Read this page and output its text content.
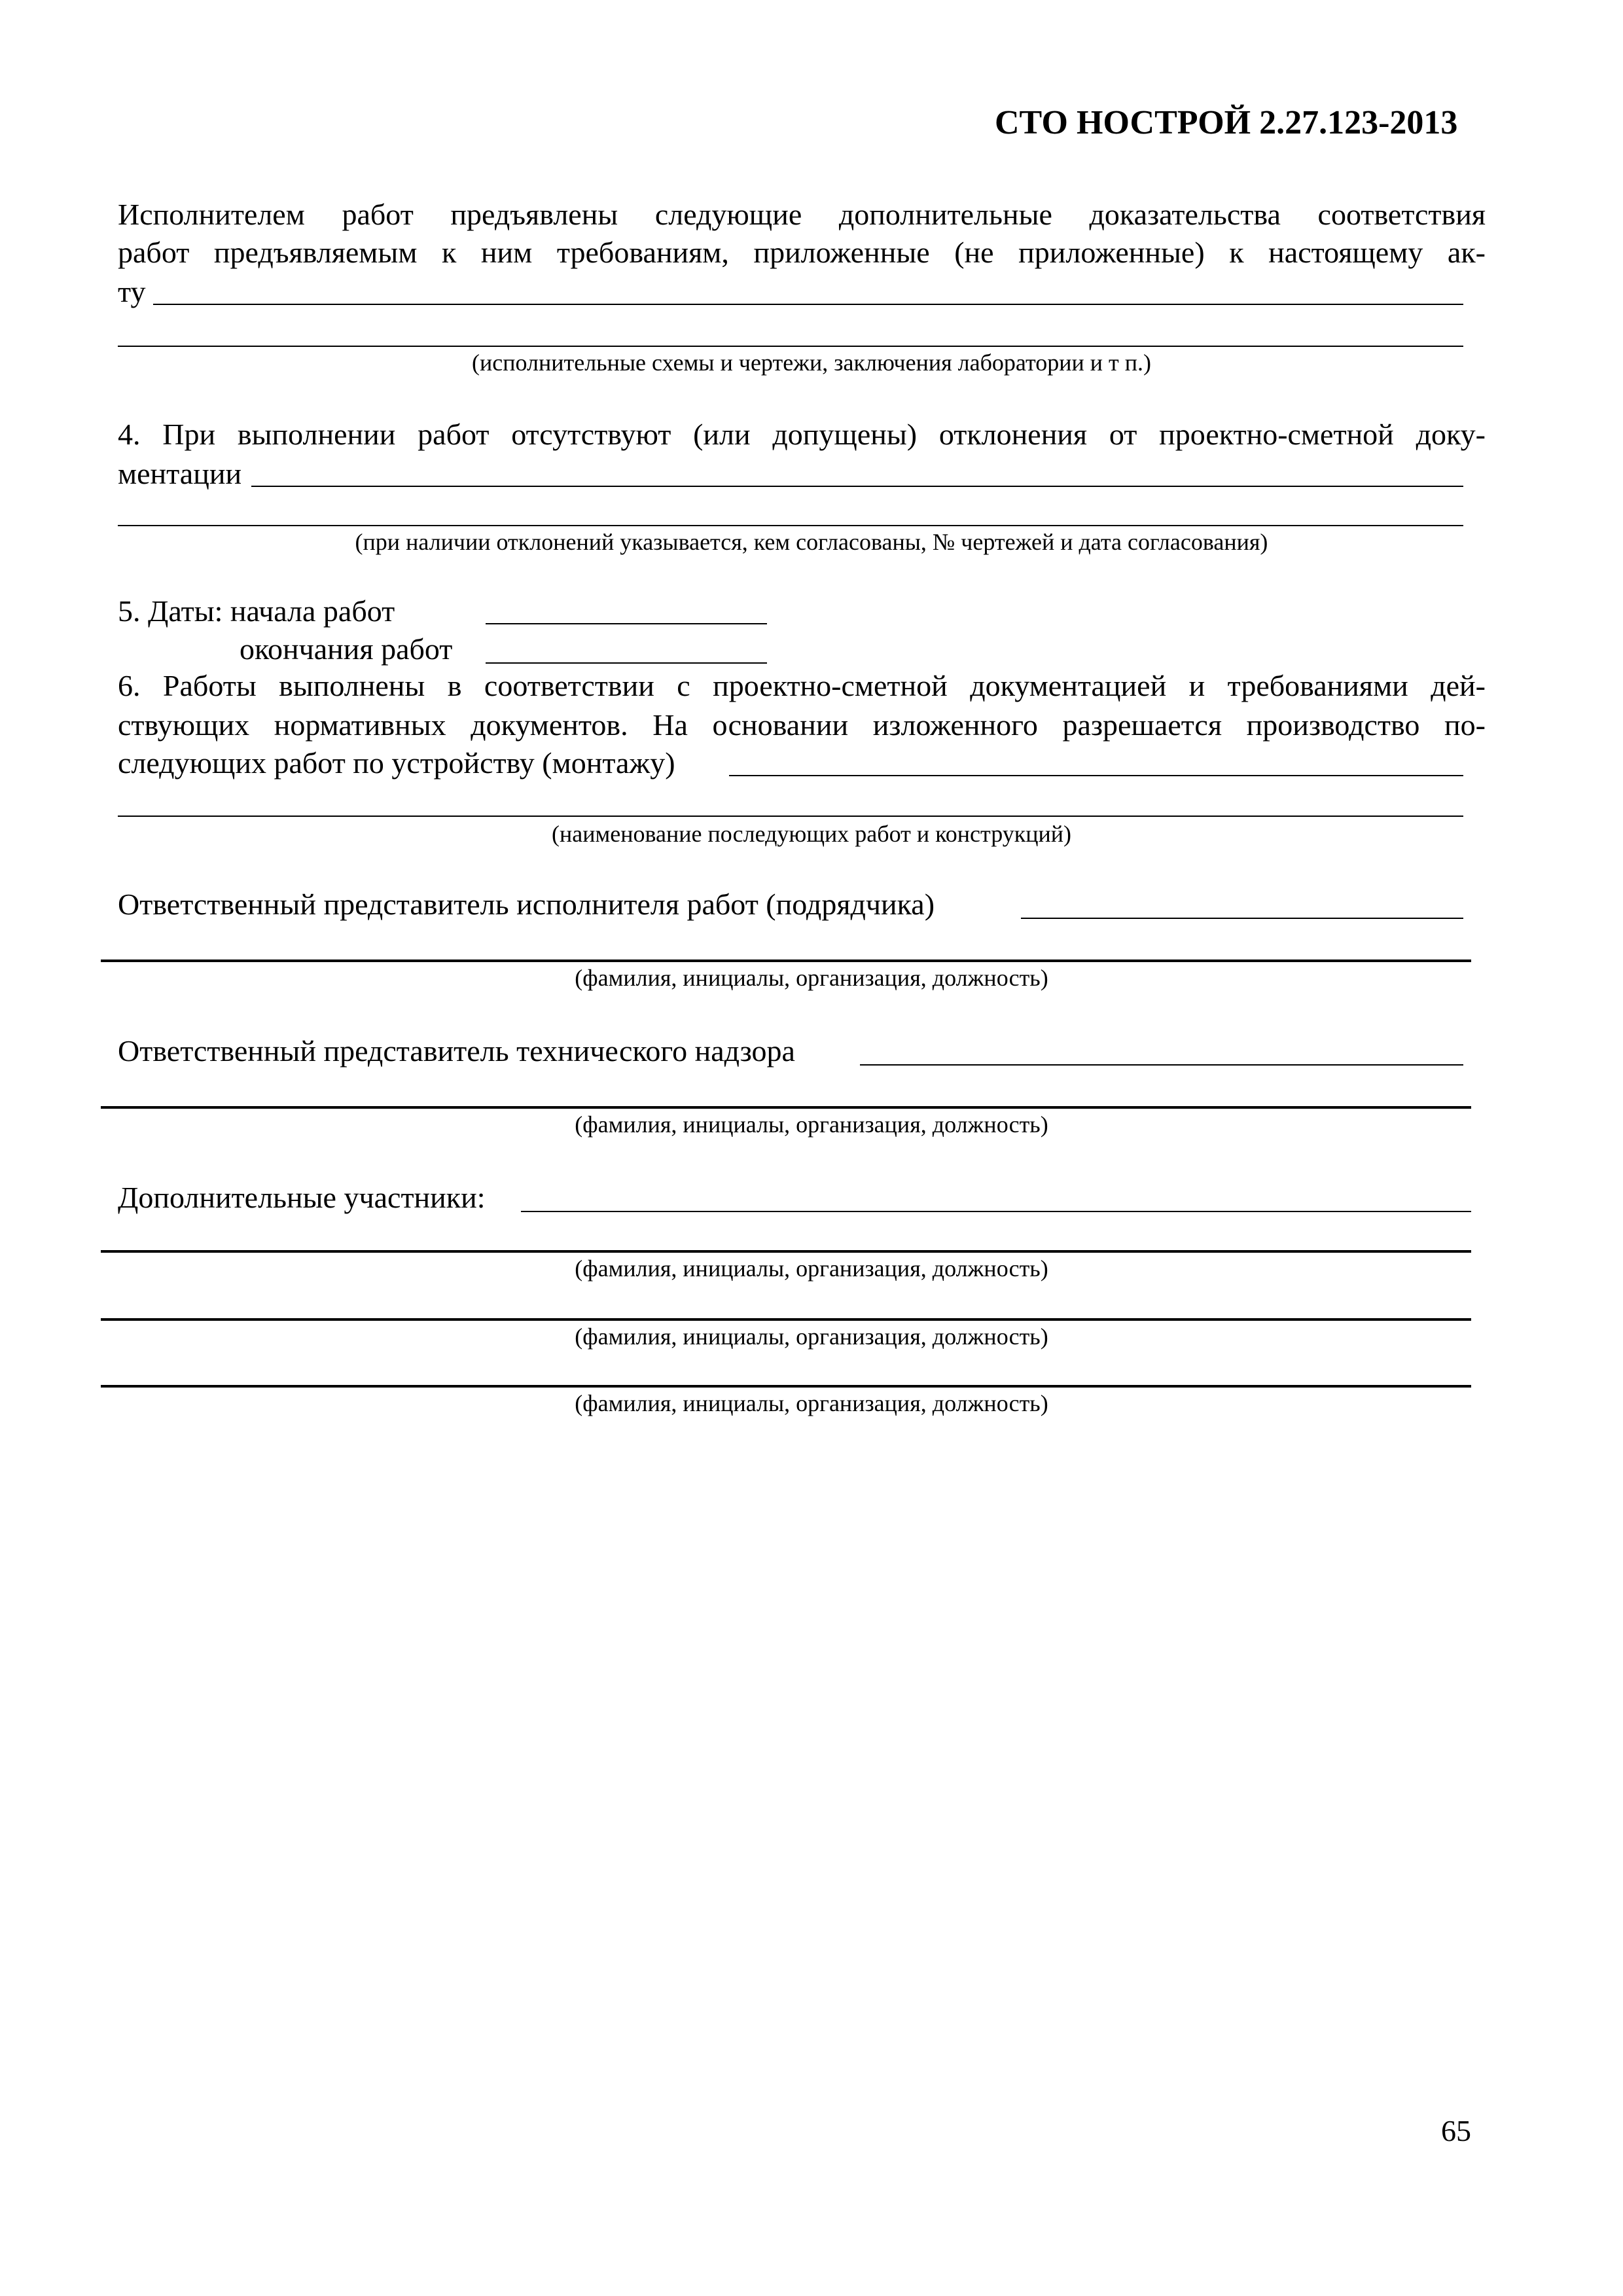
СТО НОСТРОЙ 2.27.123-2013
Исполнителем работ предъявлены следующие дополнительные доказательства соответствия
работ предъявляемым к ним требованиям, приложенные (не приложенные) к настоящему ак-
ту
(исполнительные схемы и чертежи, заключения лаборатории и т п.)
4. При выполнении работ отсутствуют (или допущены) отклонения от проектно-сметной доку-
ментации
(при наличии отклонений указывается, кем согласованы, № чертежей и дата согласования)
5. Даты: начала работ
окончания работ
6. Работы выполнены в соответствии с проектно-сметной документацией и требованиями дей-
ствующих нормативных документов. На основании изложенного разрешается производство по-
следующих работ по устройству (монтажу)
(наименование последующих работ и конструкций)
Ответственный представитель исполнителя работ (подрядчика)
(фамилия, инициалы, организация, должность)
Ответственный представитель технического надзора
(фамилия, инициалы, организация, должность)
Дополнительные участники:
(фамилия, инициалы, организация, должность)
(фамилия, инициалы, организация, должность)
(фамилия, инициалы, организация, должность)
65
